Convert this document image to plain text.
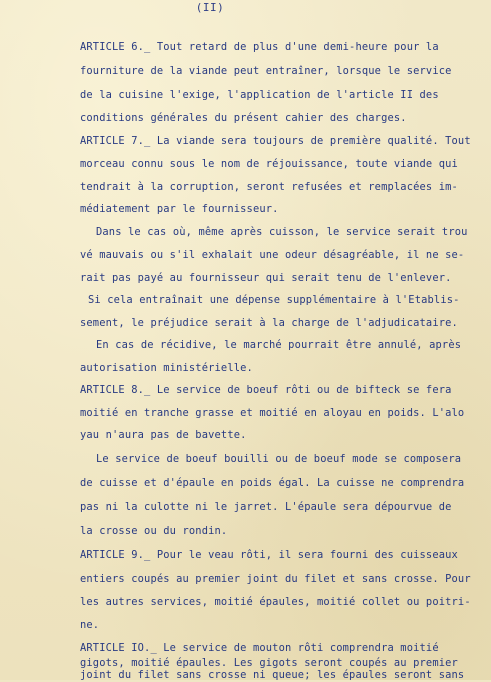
(II)
ARTICLE 6._ Tout retard de plus d'une demi-heure pour la
fourniture de la viande peut entraîner, lorsque le service
de la cuisine l'exige, l'application de l'article II des
conditions générales du présent cahier des charges.
ARTICLE 7._ La viande sera toujours de première qualité. Tout
morceau connu sous le nom de réjouissance, toute viande qui
tendrait à la corruption, seront refusées et remplacées im-
médiatement par le fournisseur.
Dans le cas où, même après cuisson, le service serait trou
vé mauvais ou s'il exhalait une odeur désagréable, il ne se-
rait pas payé au fournisseur qui serait tenu de l'enlever.
Si cela entraînait une dépense supplémentaire à l'Etablis-
sement, le préjudice serait à la charge de l'adjudicataire.
En cas de récidive, le marché pourrait être annulé, après
autorisation ministérielle.
ARTICLE 8._ Le service de boeuf rôti ou de bifteck se fera
moitié en tranche grasse et moitié en aloyau en poids. L'alo
yau n'aura pas de bavette.
Le service de boeuf bouilli ou de boeuf mode se composera
de cuisse et d'épaule en poids égal. La cuisse ne comprendra
pas ni la culotte ni le jarret. L'épaule sera dépourvue de
la crosse ou du rondin.
ARTICLE 9._ Pour le veau rôti, il sera fourni des cuisseaux
entiers coupés au premier joint du filet et sans crosse. Pour
les autres services, moitié épaules, moitié collet ou poitri-
ne.
ARTICLE IO._ Le service de mouton rôti comprendra moitié
gigots, moitié épaules. Les gigots seront coupés au premier
joint du filet sans crosse ni queue; les épaules seront sans
